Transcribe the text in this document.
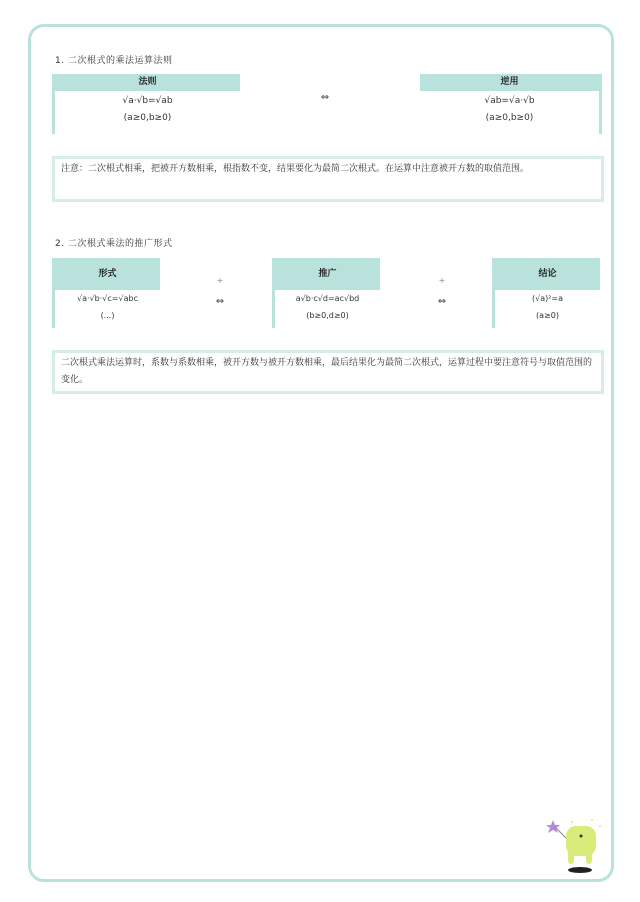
1. 二次根式的乘法运算法则
法则
√a·√b=√ab
(a≥0,b≥0)
⇔
逆用
√ab=√a·√b
(a≥0,b≥0)
注意：二次根式相乘，把被开方数相乘，根指数不变，结果要化为最简二次根式。在运算中注意被开方数的取值范围。
2. 二次根式乘法的推广形式
形式
√a·√b·√c=√abc
(...)
+
⇔
推广
a√b·c√d=ac√bd
(b≥0,d≥0)
+
⇔
结论
(√a)²=a
(a≥0)
二次根式乘法运算时，系数与系数相乘，被开方数与被开方数相乘，最后结果化为最简二次根式，运算过程中要注意符号与取值范围的变化。
